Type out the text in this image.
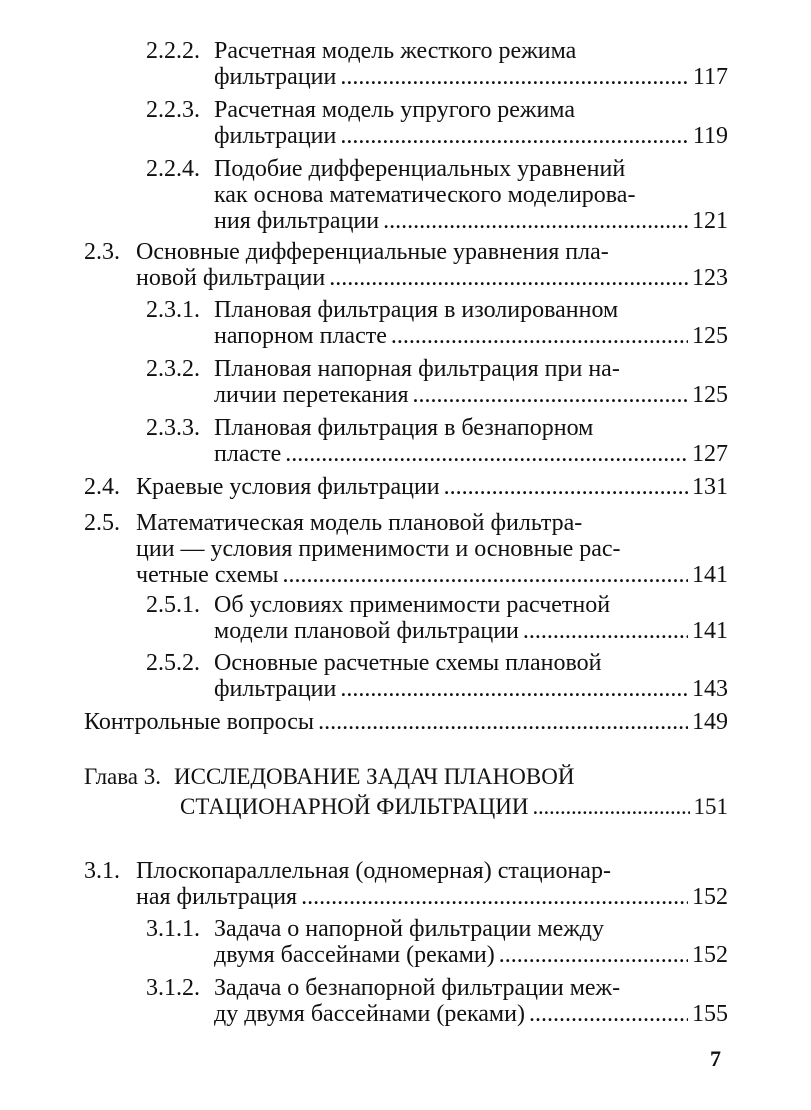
2.2.2. Расчетная модель жесткого режима
фильтрации . . .	117
2.2.3. Расчетная модель упругого режима
фильтрации . . .	119
2.2.4. Подобие дифференциальных уравнений
как основа математического моделирова-
ния фильтрации . . .	121
2.3. Основные дифференциальные уравнения пла-
новой фильтрации . . .	123
2.3.1. Плановая фильтрация в изолированном
напорном пласте . . .	125
2.3.2. Плановая напорная фильтрация при на-
личии перетекания . . .	125
2.3.3. Плановая фильтрация в безнапорном
пласте . . .	127
2.4. Краевые условия фильтрации . . .	131
2.5. Математическая модель плановой фильтра-
ции — условия применимости и основные рас-
четные схемы . . .	141
2.5.1. Об условиях применимости расчетной
модели плановой фильтрации . . .	141
2.5.2. Основные расчетные схемы плановой
фильтрации . . .	143
Контрольные вопросы . . .	149
Глава 3. ИССЛЕДОВАНИЕ ЗАДАЧ ПЛАНОВОЙ
СТАЦИОНАРНОЙ ФИЛЬТРАЦИИ . . .	151
3.1. Плоскопараллельная (одномерная) стационар-
ная фильтрация . . .	152
3.1.1. Задача о напорной фильтрации между
двумя бассейнами (реками) . . .	152
3.1.2. Задача о безнапорной фильтрации меж-
ду двумя бассейнами (реками) . . .	155
7
